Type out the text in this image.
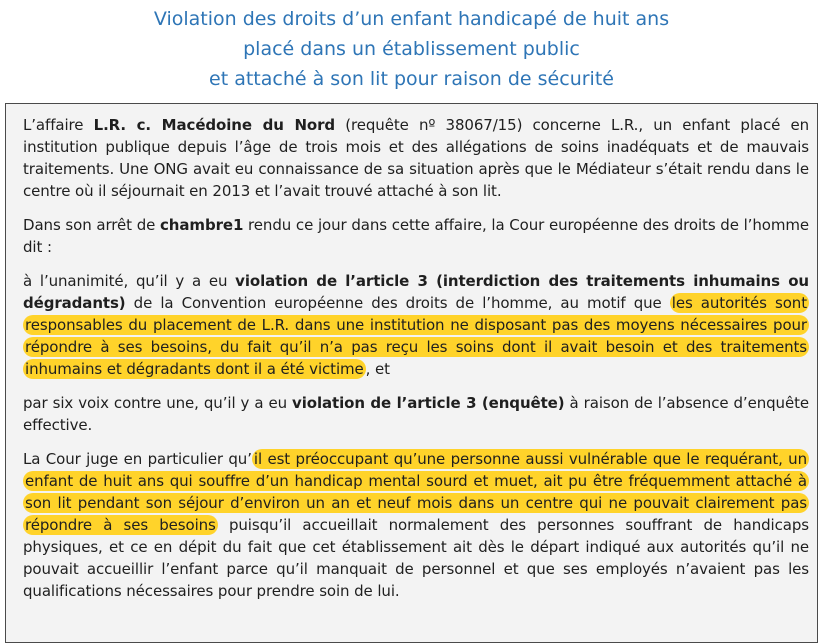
Violation des droits d’un enfant handicapé de huit ans
placé dans un établissement public
et attaché à son lit pour raison de sécurité

L’affaire L.R. c. Macédoine du Nord (requête nº 38067/15) concerne L.R., un enfant placé en institution publique depuis l’âge de trois mois et des allégations de soins inadéquats et de mauvais traitements. Une ONG avait eu connaissance de sa situation après que le Médiateur s’était rendu dans le centre où il séjournait en 2013 et l’avait trouvé attaché à son lit.

Dans son arrêt de chambre1 rendu ce jour dans cette affaire, la Cour européenne des droits de l’homme dit :

à l’unanimité, qu’il y a eu violation de l’article 3 (interdiction des traitements inhumains ou dégradants) de la Convention européenne des droits de l’homme, au motif que les autorités sont responsables du placement de L.R. dans une institution ne disposant pas des moyens nécessaires pour répondre à ses besoins, du fait qu’il n’a pas reçu les soins dont il avait besoin et des traitements inhumains et dégradants dont il a été victime , et

par six voix contre une, qu’il y a eu violation de l’article 3 (enquête) à raison de l’absence d’enquête effective.

La Cour juge en particulier qu’ il est préoccupant qu’une personne aussi vulnérable que le requérant, un enfant de huit ans qui souffre d’un handicap mental sourd et muet, ait pu être fréquemment attaché à son lit pendant son séjour d’environ un an et neuf mois dans un centre qui ne pouvait clairement pas répondre à ses besoins puisqu’il accueillait normalement des personnes souffrant de handicaps physiques, et ce en dépit du fait que cet établissement ait dès le départ indiqué aux autorités qu’il ne pouvait accueillir l’enfant parce qu’il manquait de personnel et que ses employés n’avaient pas les qualifications nécessaires pour prendre soin de lui.
